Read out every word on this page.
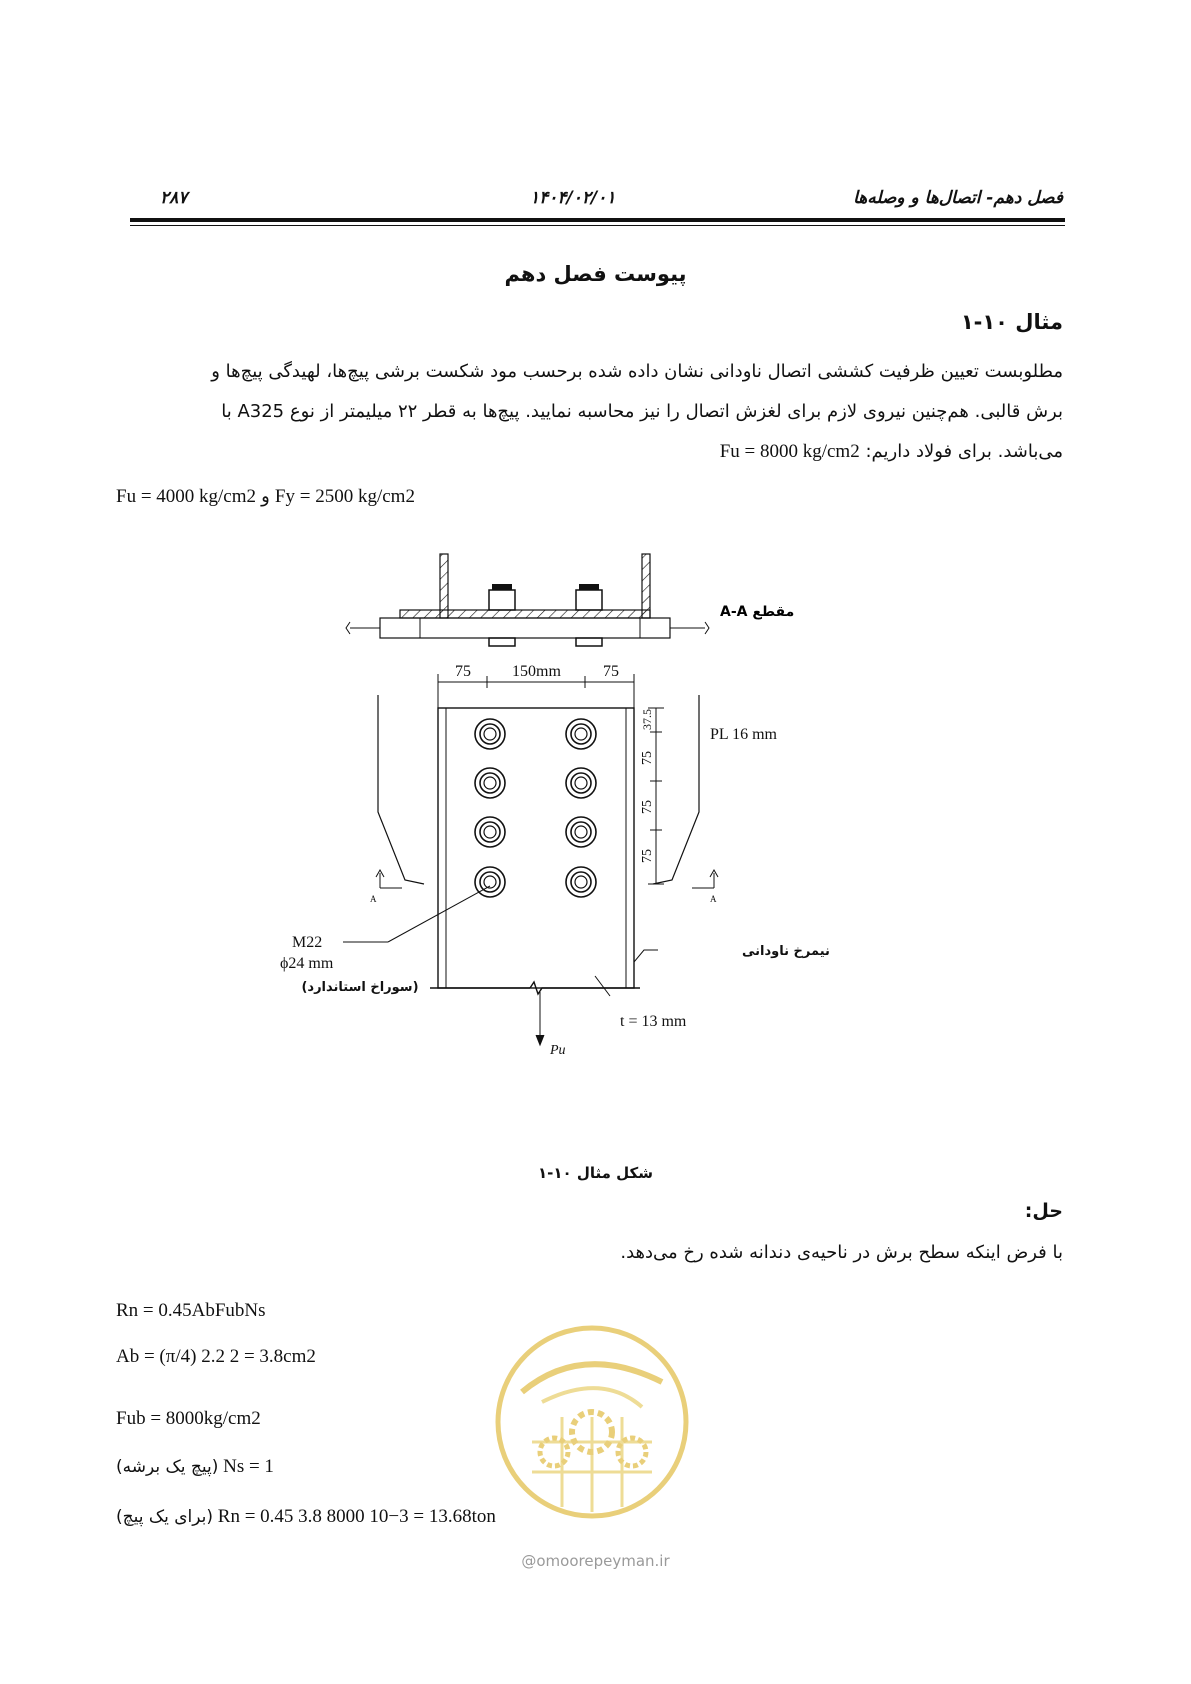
۲۸۷	۱۴۰۴/۰۲/۰۱	فصل دهم- اتصال‌ها و وصله‌ها
پیوست فصل دهم
مثال ۱۰-۱
مطلوبست تعیین ظرفیت کششی اتصال ناودانی نشان داده شده برحسب مود شکست برشی پیچ‌ها، لهیدگی پیچ‌ها و
برش قالبی. هم‌چنین نیروی لازم برای لغزش اتصال را نیز محاسبه نمایید. پیچ‌ها به قطر ۲۲ میلیمتر از نوع A325 با
می‌باشد. برای فولاد داریم: Fu = 8000 kg/cm2
Fu = 4000 kg/cm2 و Fy = 2500 kg/cm2
مقطع A-A
75	150mm	75
37.5
75
75
75
PL 16 mm
M22
ϕ24 mm
t = 13 mm
Pu
A	A
(سوراخ استاندارد)
نیمرخ ناودانی
شکل مثال ۱۰-۱
حل:
با فرض اینکه سطح برش در ناحیه‌ی دندانه شده رخ می‌دهد.
Rn = 0.45AbFubNs
Ab = (π/4) 2.2 2 = 3.8cm2
Fub = 8000kg/cm2
(پیچ یک برشه) Ns = 1
(برای یک پیچ) Rn = 0.45 3.8 8000 10−3 = 13.68ton
@omoorepeyman.ir
